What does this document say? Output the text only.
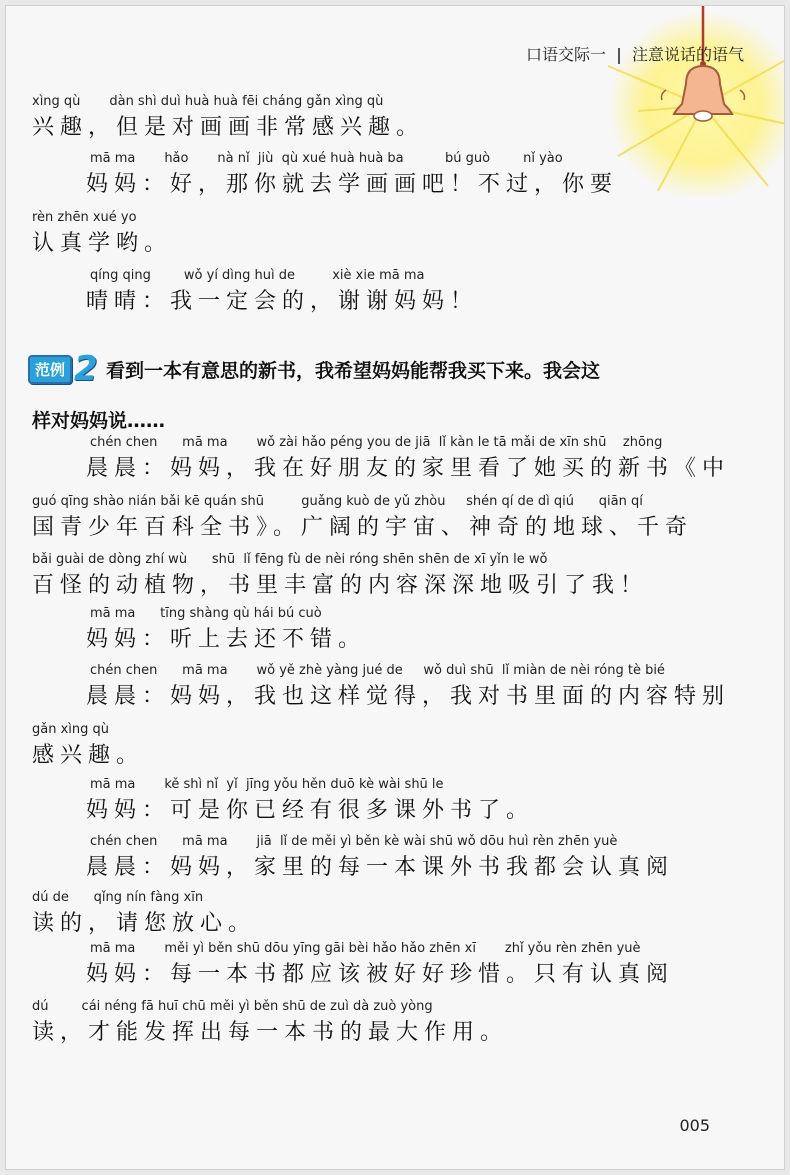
口语交际一 注意说话的语气
xìng qù       dàn shì duì huà huà fēi cháng gǎn xìng qù
兴趣，但是对画画非常感兴趣。
mā ma       hǎo       nà nǐ  jiù  qù xué huà huà ba          bú guò        nǐ yào
妈妈：好，那你就去学画画吧！不过，你要
rèn zhēn xué yo
认真学哟。
qíng qing        wǒ yí dìng huì de         xiè xie mā ma
晴晴：我一定会的，谢谢妈妈！
范例 2 看到一本有意思的新书，我希望妈妈能帮我买下来。我会这
样对妈妈说……
chén chen      mā ma       wǒ zài hǎo péng you de jiā  lǐ kàn le tā mǎi de xīn shū    zhōng
晨晨：妈妈，我在好朋友的家里看了她买的新书《中
guó qīng shào nián bǎi kē quán shū         guǎng kuò de yǔ zhòu     shén qí de dì qiú      qiān qí
国青少年百科全书》。广阔的宇宙、神奇的地球、千奇
bǎi guài de dòng zhí wù      shū  lǐ fēng fù de nèi róng shēn shēn de xī yǐn le wǒ
百怪的动植物，书里丰富的内容深深地吸引了我！
mā ma      tīng shàng qù hái bú cuò
妈妈：听上去还不错。
chén chen      mā ma       wǒ yě zhè yàng jué de     wǒ duì shū  lǐ miàn de nèi róng tè bié
晨晨：妈妈，我也这样觉得，我对书里面的内容特别
gǎn xìng qù
感兴趣。
mā ma       kě shì nǐ  yǐ  jīng yǒu hěn duō kè wài shū le
妈妈：可是你已经有很多课外书了。
chén chen      mā ma       jiā  lǐ de měi yì běn kè wài shū wǒ dōu huì rèn zhēn yuè
晨晨：妈妈，家里的每一本课外书我都会认真阅
dú de      qǐng nín fàng xīn
读的，请您放心。
mā ma       měi yì běn shū dōu yīng gāi bèi hǎo hǎo zhēn xī       zhǐ yǒu rèn zhēn yuè
妈妈：每一本书都应该被好好珍惜。只有认真阅
dú        cái néng fā huī chū měi yì běn shū de zuì dà zuò yòng
读，才能发挥出每一本书的最大作用。
005
